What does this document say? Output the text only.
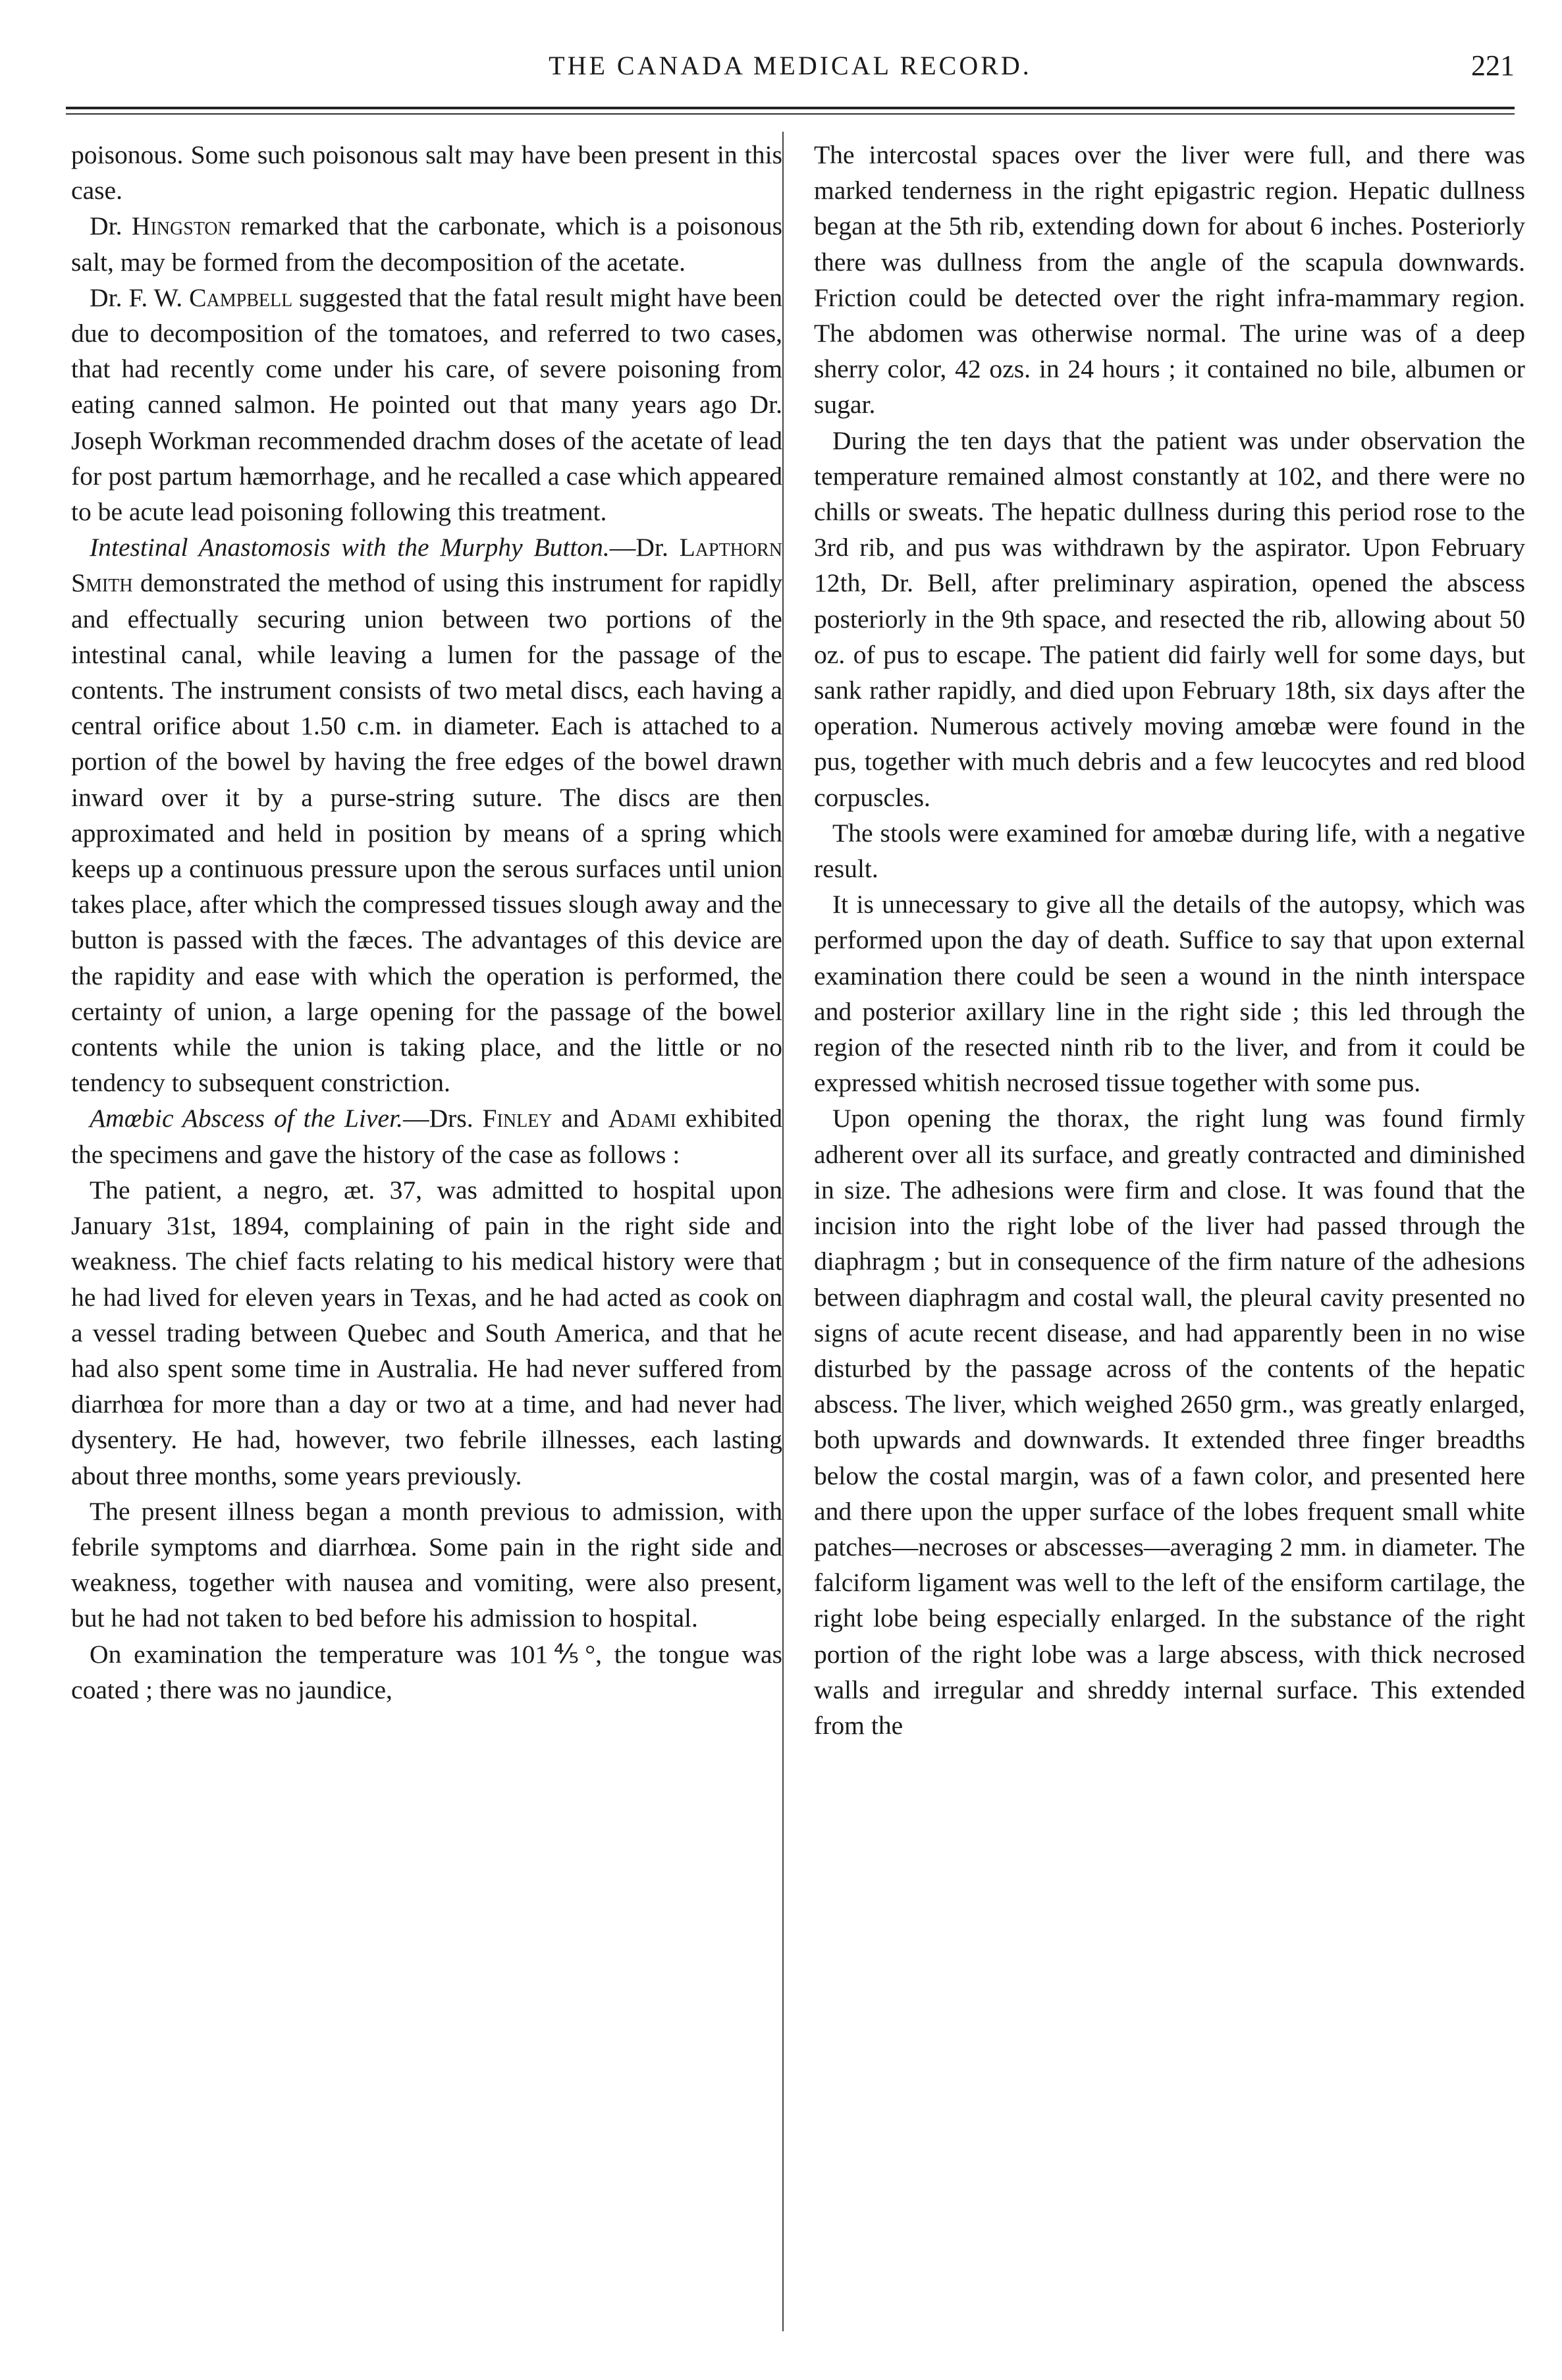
THE CANADA MEDICAL RECORD.	221

poisonous. Some such poisonous salt may have been present in this case.

Dr. Hingston remarked that the carbonate, which is a poisonous salt, may be formed from the decomposition of the acetate.

Dr. F. W. Campbell suggested that the fatal result might have been due to decomposition of the tomatoes, and referred to two cases, that had recently come under his care, of severe poisoning from eating canned salmon. He pointed out that many years ago Dr. Joseph Workman recommended drachm doses of the acetate of lead for post partum hæmorrhage, and he recalled a case which appeared to be acute lead poisoning following this treatment.

Intestinal Anastomosis with the Murphy Button.—Dr. Lapthorn Smith demonstrated the method of using this instrument for rapidly and effectually securing union between two portions of the intestinal canal, while leaving a lumen for the passage of the contents. The instrument consists of two metal discs, each having a central orifice about 1.50 c.m. in diameter. Each is attached to a portion of the bowel by having the free edges of the bowel drawn inward over it by a purse-string suture. The discs are then approximated and held in position by means of a spring which keeps up a continuous pressure upon the serous surfaces until union takes place, after which the compressed tissues slough away and the button is passed with the fæces. The advantages of this device are the rapidity and ease with which the operation is performed, the certainty of union, a large opening for the passage of the bowel contents while the union is taking place, and the little or no tendency to subsequent constriction.

Amœbic Abscess of the Liver.—Drs. Finley and Adami exhibited the specimens and gave the history of the case as follows :

The patient, a negro, æt. 37, was admitted to hospital upon January 31st, 1894, complaining of pain in the right side and weakness. The chief facts relating to his medical history were that he had lived for eleven years in Texas, and he had acted as cook on a vessel trading between Quebec and South America, and that he had also spent some time in Australia. He had never suffered from diarrhœa for more than a day or two at a time, and had never had dysentery. He had, however, two febrile illnesses, each lasting about three months, some years previously.

The present illness began a month previous to admission, with febrile symptoms and diarrhœa. Some pain in the right side and weakness, together with nausea and vomiting, were also present, but he had not taken to bed before his admission to hospital.

On examination the temperature was 101⅘°, the tongue was coated ; there was no jaundice,

The intercostal spaces over the liver were full, and there was marked tenderness in the right epigastric region. Hepatic dullness began at the 5th rib, extending down for about 6 inches. Posteriorly there was dullness from the angle of the scapula downwards. Friction could be detected over the right infra-mammary region. The abdomen was otherwise normal. The urine was of a deep sherry color, 42 ozs. in 24 hours ; it contained no bile, albumen or sugar.

During the ten days that the patient was under observation the temperature remained almost constantly at 102, and there were no chills or sweats. The hepatic dullness during this period rose to the 3rd rib, and pus was withdrawn by the aspirator. Upon February 12th, Dr. Bell, after preliminary aspiration, opened the abscess posteriorly in the 9th space, and resected the rib, allowing about 50 oz. of pus to escape. The patient did fairly well for some days, but sank rather rapidly, and died upon February 18th, six days after the operation. Numerous actively moving amœbæ were found in the pus, together with much debris and a few leucocytes and red blood corpuscles.

The stools were examined for amœbæ during life, with a negative result.

It is unnecessary to give all the details of the autopsy, which was performed upon the day of death. Suffice to say that upon external examination there could be seen a wound in the ninth interspace and posterior axillary line in the right side ; this led through the region of the resected ninth rib to the liver, and from it could be expressed whitish necrosed tissue together with some pus.

Upon opening the thorax, the right lung was found firmly adherent over all its surface, and greatly contracted and diminished in size. The adhesions were firm and close. It was found that the incision into the right lobe of the liver had passed through the diaphragm ; but in consequence of the firm nature of the adhesions between diaphragm and costal wall, the pleural cavity presented no signs of acute recent disease, and had apparently been in no wise disturbed by the passage across of the contents of the hepatic abscess. The liver, which weighed 2650 grm., was greatly enlarged, both upwards and downwards. It extended three finger breadths below the costal margin, was of a fawn color, and presented here and there upon the upper surface of the lobes frequent small white patches—necroses or abscesses—averaging 2 mm. in diameter. The falciform ligament was well to the left of the ensiform cartilage, the right lobe being especially enlarged. In the substance of the right portion of the right lobe was a large abscess, with thick necrosed walls and irregular and shreddy internal surface. This extended from the
